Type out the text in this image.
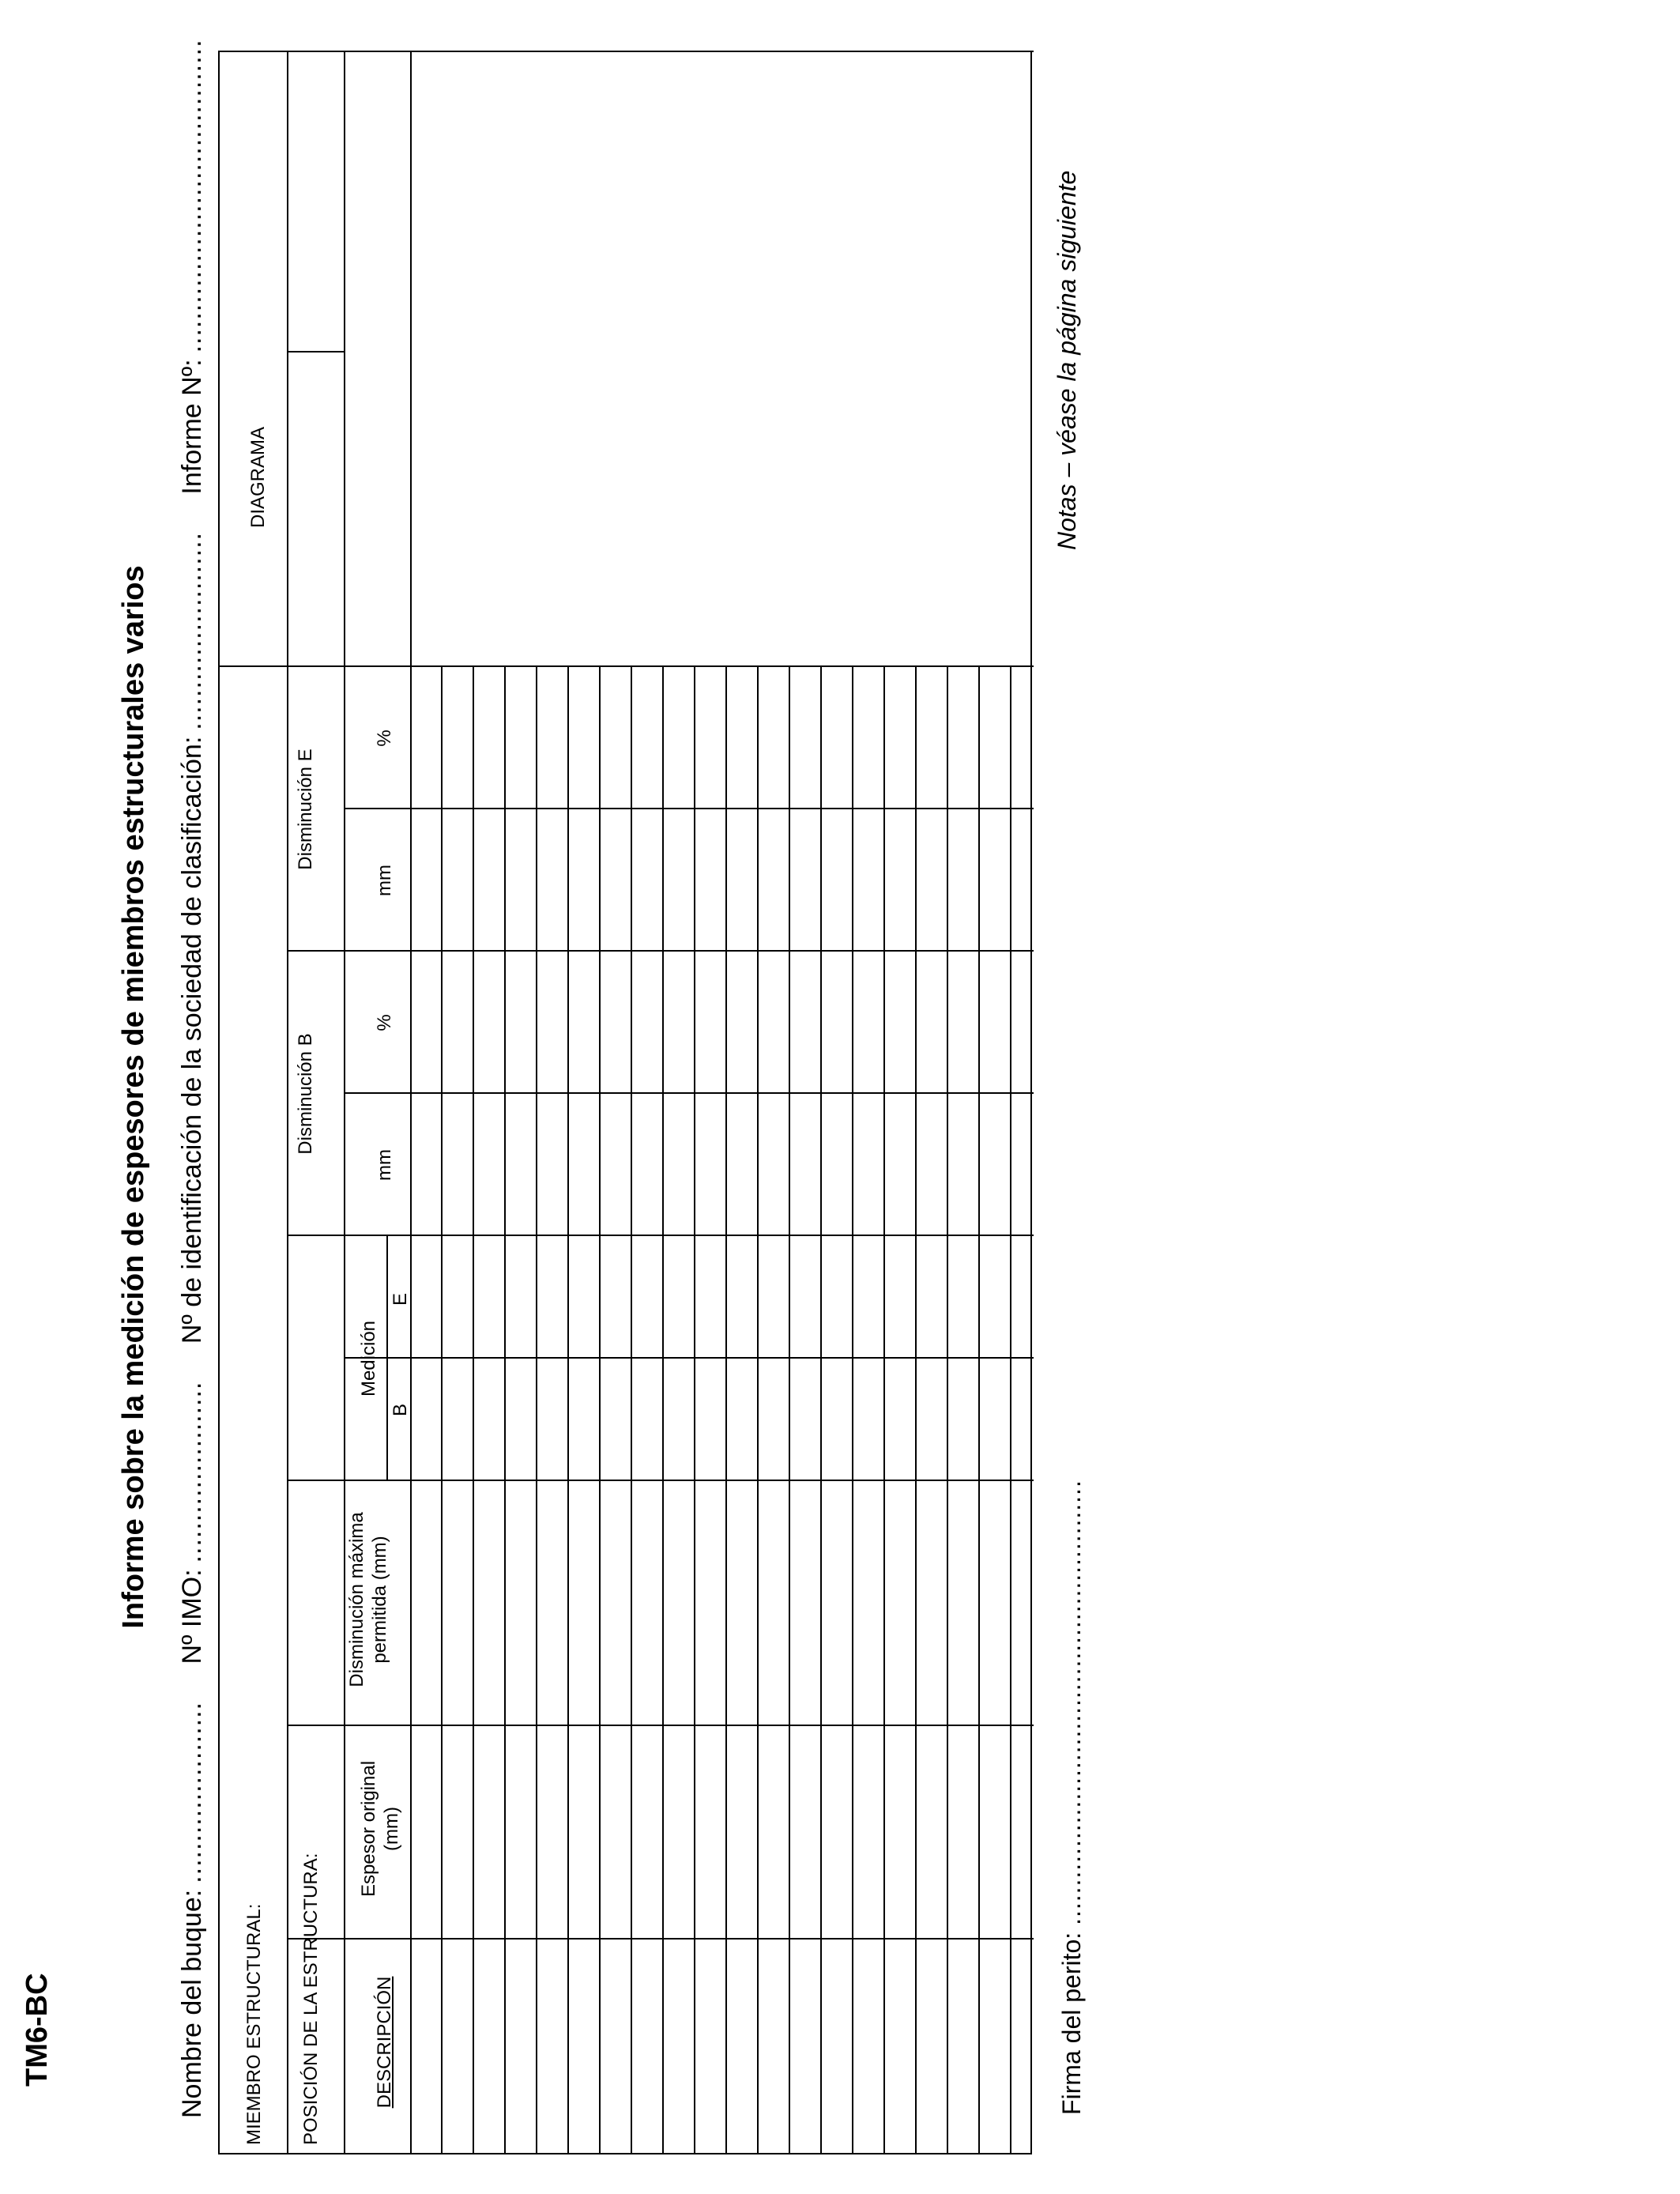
TM6-BC
Informe sobre la medición de espesores de miembros estructurales varios
Nombre del buque:...................... Nº IMO:...................... Nº de identificación de la sociedad de clasificación:........................ Informe Nº:......................................
MIEMBRO ESTRUCTURAL: POSICIÓN DE LA ESTRUCTURA:
DIAGRAMA
DESCRIPCIÓN
Espesor original (mm)
Disminución máxima permitida (mm)
Medición
B
E
Disminución B
mm
%
Disminución E
mm
%
Firma del perito: .........................................................
Notas – véase la página siguiente
